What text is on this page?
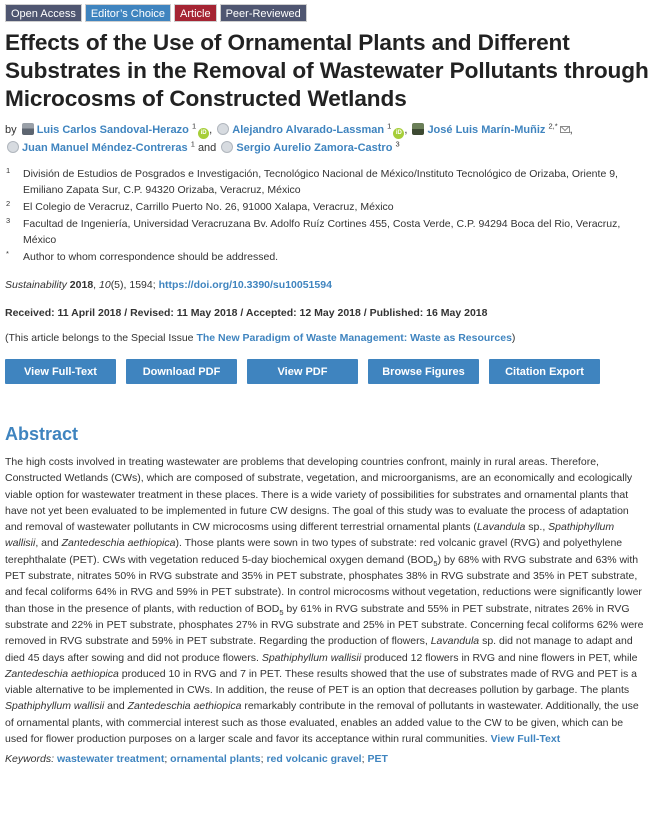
Open Access	Editor’s Choice	Article	Peer-Reviewed
Effects of the Use of Ornamental Plants and Different Substrates in the Removal of Wastewater Pollutants through Microcosms of Constructed Wetlands
by Luis Carlos Sandoval-Herazo $^1$iD , Alejandro Alvarado-Lassman $^1$iD , José Luis Marín-Muñiz $^{2,*}$ ,
Juan Manuel Méndez-Contreras $^1$ and Sergio Aurelio Zamora-Castro $^3$
1	División de Estudios de Posgrados e Investigación, Tecnológico Nacional de México/Instituto Tecnológico de Orizaba, Oriente 9, Emiliano Zapata Sur, C.P. 94320 Orizaba, Veracruz, México
2	El Colegio de Veracruz, Carrillo Puerto No. 26, 91000 Xalapa, Veracruz, México
3	Facultad de Ingeniería, Universidad Veracruzana Bv. Adolfo Ruíz Cortines 455, Costa Verde, C.P. 94294 Boca del Rio, Veracruz, México
*	Author to whom correspondence should be addressed.
Sustainability 2018, 10(5), 1594; https://doi.org/10.3390/su10051594
Received: 11 April 2018 / Revised: 11 May 2018 / Accepted: 12 May 2018 / Published: 16 May 2018
(This article belongs to the Special Issue The New Paradigm of Waste Management: Waste as Resources)
View Full-Text	Download PDF	View PDF	Browse Figures	Citation Export
Abstract
The high costs involved in treating wastewater are problems that developing countries confront, mainly in rural areas. Therefore, Constructed Wetlands (CWs), which are composed of substrate, vegetation, and microorganisms, are an economically and ecologically viable option for wastewater treatment in these places. There is a wide variety of possibilities for substrates and ornamental plants that have not yet been evaluated to be implemented in future CW designs. The goal of this study was to evaluate the process of adaptation and removal of wastewater pollutants in CW microcosms using different terrestrial ornamental plants (Lavandula sp., Spathiphyllum wallisii, and Zantedeschia aethiopica). Those plants were sown in two types of substrate: red volcanic gravel (RVG) and polyethylene terephthalate (PET). CWs with vegetation reduced 5-day biochemical oxygen demand $(BOD_5)$ by 68% with RVG substrate and 63% with PET substrate, nitrates 50% in RVG substrate and 35% in PET substrate, phosphates 38% in RVG substrate and 35% in PET substrate, and fecal coliforms 64% in RVG and 59% in PET substrate). In control microcosms without vegetation, reductions were significantly lower than those in the presence of plants, with reduction of $BOD_5$ by 61% in RVG substrate and 55% in PET substrate, nitrates 26% in RVG substrate and 22% in PET substrate, phosphates 27% in RVG substrate and 25% in PET substrate. Concerning fecal coliforms 62% were removed in RVG substrate and 59% in PET substrate. Regarding the production of flowers, Lavandula sp. did not manage to adapt and died 45 days after sowing and did not produce flowers. Spathiphyllum wallisii produced 12 flowers in RVG and nine flowers in PET, while Zantedeschia aethiopica produced 10 in RVG and 7 in PET. These results showed that the use of substrates made of RVG and PET is a viable alternative to be implemented in CWs. In addition, the reuse of PET is an option that decreases pollution by garbage. The plants Spathiphyllum wallisii and Zantedeschia aethiopica remarkably contribute in the removal of pollutants in wastewater. Additionally, the use of ornamental plants, with commercial interest such as those evaluated, enables an added value to the CW to be given, which can be used for flower production purposes on a larger scale and favor its acceptance within rural communities. View Full-Text
Keywords: wastewater treatment; ornamental plants; red volcanic gravel; PET
